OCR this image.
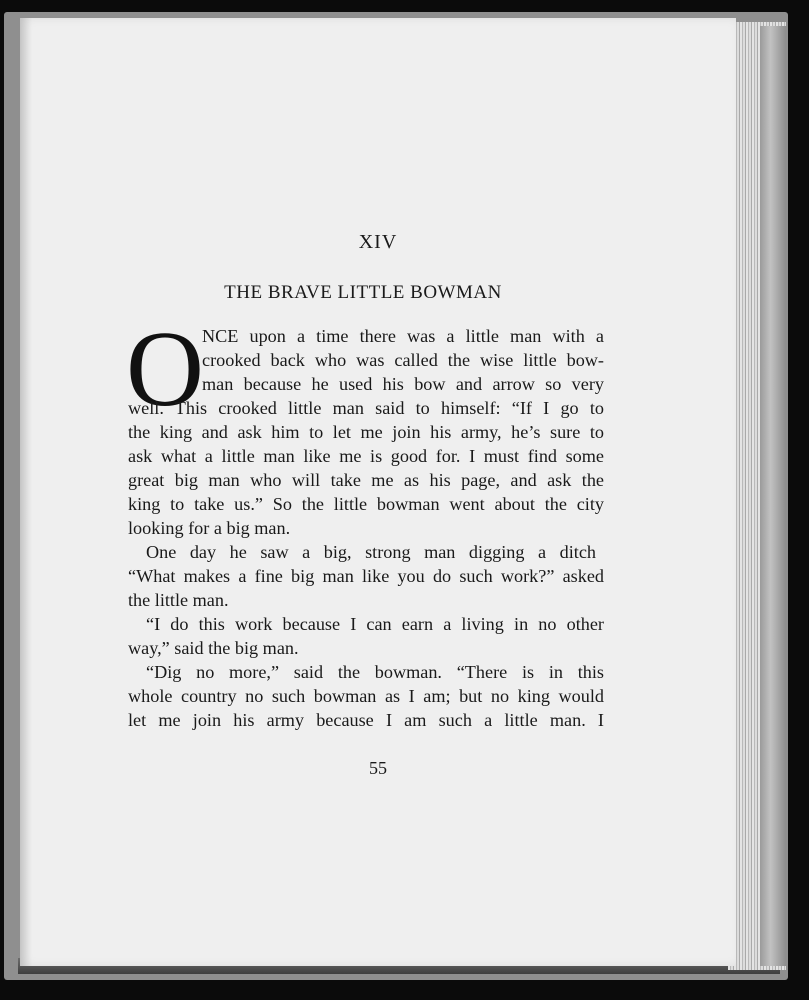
XIV
THE BRAVE LITTLE BOWMAN
O
NCE upon a time there was a little man with a
crooked back who was called the wise little bow-
man because he used his bow and arrow so very
well. This crooked little man said to himself: “If I go to
the king and ask him to let me join his army, he’s sure to
ask what a little man like me is good for. I must find some
great big man who will take me as his page, and ask the
king to take us.” So the little bowman went about the city
looking for a big man.
One day he saw a big, strong man digging a ditch
“What makes a fine big man like you do such work?” asked
the little man.
“I do this work because I can earn a living in no other
way,” said the big man.
“Dig no more,” said the bowman. “There is in this
whole country no such bowman as I am; but no king would
let me join his army because I am such a little man. I
55
